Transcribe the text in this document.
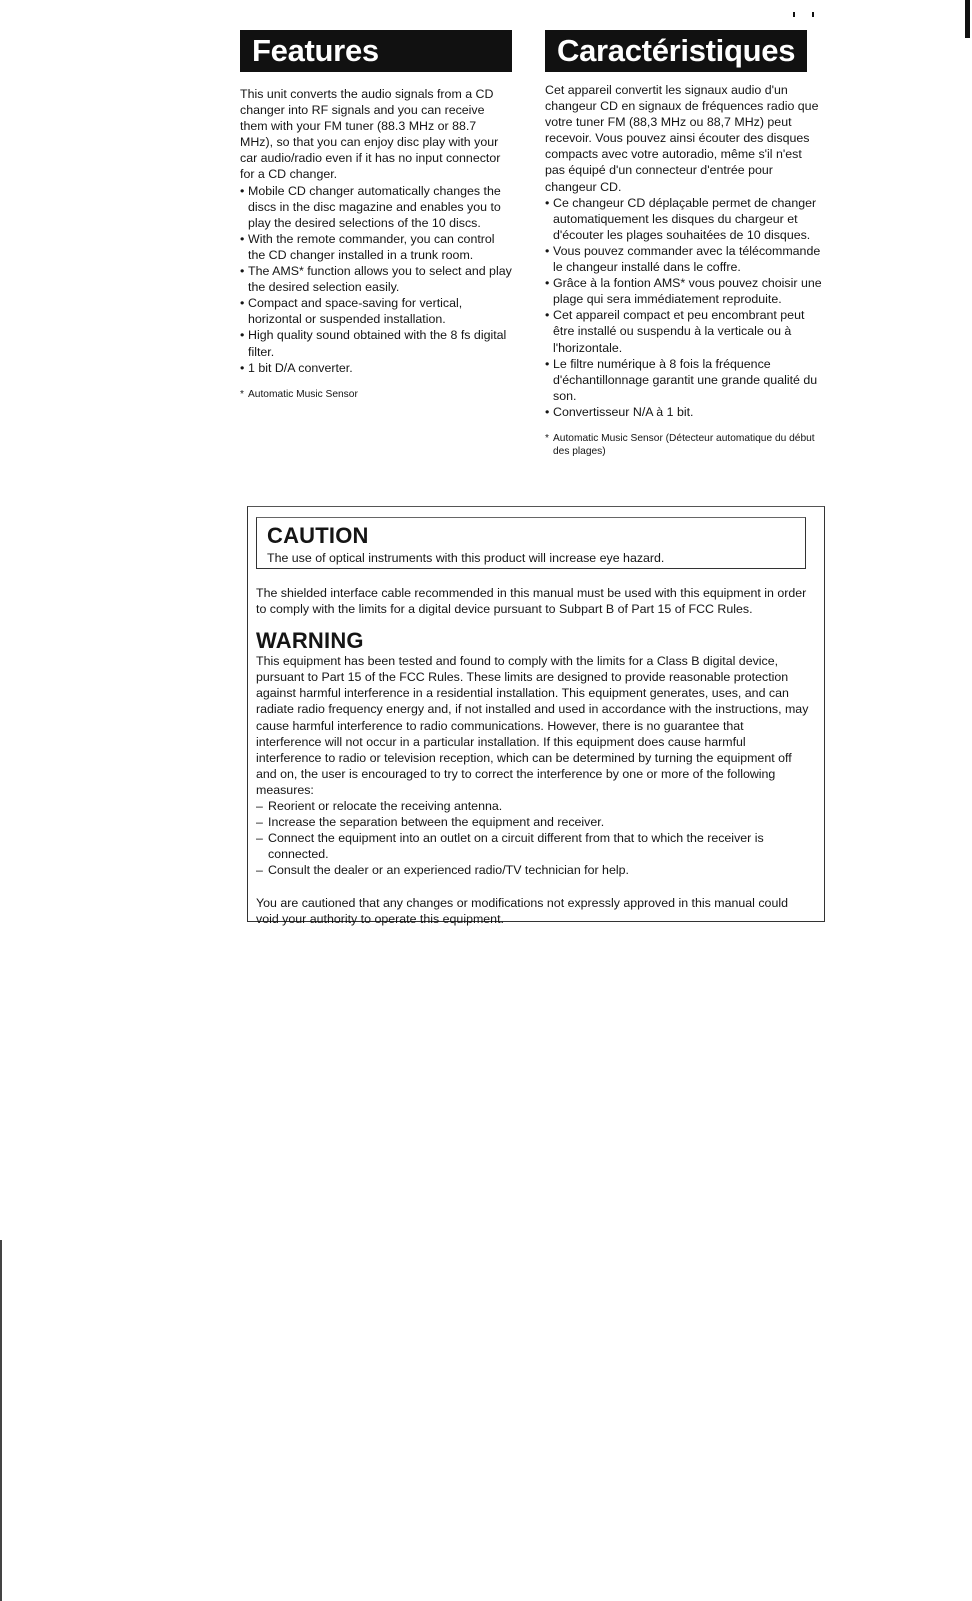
Features

This unit converts the audio signals from a CD changer into RF signals and you can receive them with your FM tuner (88.3 MHz or 88.7 MHz), so that you can enjoy disc play with your car audio/radio even if it has no input connector for a CD changer.

• Mobile CD changer automatically changes the discs in the disc magazine and enables you to play the desired selections of the 10 discs.
• With the remote commander, you can control the CD changer installed in a trunk room.
• The AMS* function allows you to select and play the desired selection easily.
• Compact and space-saving for vertical, horizontal or suspended installation.
• High quality sound obtained with the 8 fs digital filter.
• 1 bit D/A converter.
* Automatic Music Sensor
Caractéristiques

Cet appareil convertit les signaux audio d'un changeur CD en signaux de fréquences radio que votre tuner FM (88,3 MHz ou 88,7 MHz) peut recevoir. Vous pouvez ainsi écouter des disques compacts avec votre autoradio, même s'il n'est pas équipé d'un connecteur d'entrée pour changeur CD.

• Ce changeur CD déplaçable permet de changer automatiquement les disques du chargeur et d'écouter les plages souhaitées de 10 disques.
• Vous pouvez commander avec la télécommande le changeur installé dans le coffre.
• Grâce à la fontion AMS* vous pouvez choisir une plage qui sera immédiatement reproduite.
• Cet appareil compact et peu encombrant peut être installé ou suspendu à la verticale ou à l'horizontale.
• Le filtre numérique à 8 fois la fréquence d'échantillonnage garantit une grande qualité du son.
• Convertisseur N/A à 1 bit.
* Automatic Music Sensor (Détecteur automatique du début des plages)
CAUTION
The use of optical instruments with this product will increase eye hazard.

The shielded interface cable recommended in this manual must be used with this equipment in order to comply with the limits for a digital device pursuant to Subpart B of Part 15 of FCC Rules.

WARNING

This equipment has been tested and found to comply with the limits for a Class B digital device, pursuant to Part 15 of the FCC Rules. These limits are designed to provide reasonable protection against harmful interference in a residential installation. This equipment generates, uses, and can radiate radio frequency energy and, if not installed and used in accordance with the instructions, may cause harmful interference to radio communications. However, there is no guarantee that interference will not occur in a particular installation. If this equipment does cause harmful interference to radio or television reception, which can be determined by turning the equipment off and on, the user is encouraged to try to correct the interference by one or more of the following measures:

– Reorient or relocate the receiving antenna.
– Increase the separation between the equipment and receiver.
– Connect the equipment into an outlet on a circuit different from that to which the receiver is connected.
– Consult the dealer or an experienced radio/TV technician for help.

You are cautioned that any changes or modifications not expressly approved in this manual could void your authority to operate this equipment.
